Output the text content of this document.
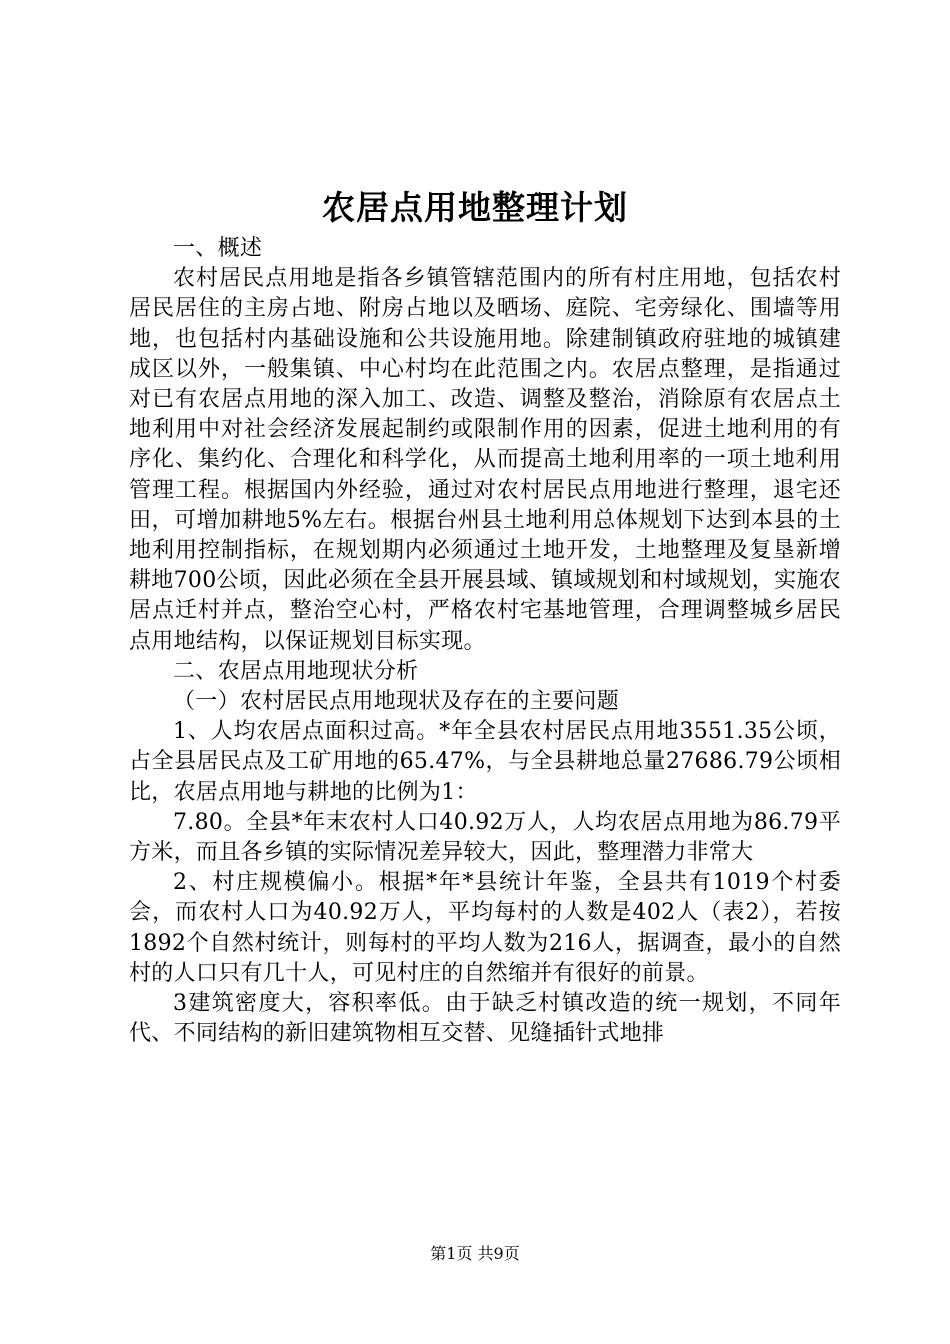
农居点用地整理计划

一、概述

农村居民点用地是指各乡镇管辖范围内的所有村庄用地，包括农村居民居住的主房占地、附房占地以及晒场、庭院、宅旁绿化、围墙等用地，也包括村内基础设施和公共设施用地。除建制镇政府驻地的城镇建成区以外，一般集镇、中心村均在此范围之内。农居点整理，是指通过对已有农居点用地的深入加工、改造、调整及整治，消除原有农居点土地利用中对社会经济发展起制约或限制作用的因素，促进土地利用的有序化、集约化、合理化和科学化，从而提高土地利用率的一项土地利用管理工程。根据国内外经验，通过对农村居民点用地进行整理，退宅还田，可增加耕地5%左右。根据台州县土地利用总体规划下达到本县的土地利用控制指标，在规划期内必须通过土地开发，土地整理及复垦新增耕地700公顷，因此必须在全县开展县域、镇域规划和村域规划，实施农居点迁村并点，整治空心村，严格农村宅基地管理，合理调整城乡居民点用地结构，以保证规划目标实现。

二、农居点用地现状分析

（一）农村居民点用地现状及存在的主要问题

1、人均农居点面积过高。*年全县农村居民点用地3551.35公顷，占全县居民点及工矿用地的65.47%，与全县耕地总量27686.79公顷相比，农居点用地与耕地的比例为1：

7.80。全县*年末农村人口40.92万人，人均农居点用地为86.79平方米，而且各乡镇的实际情况差异较大，因此，整理潜力非常大

2、村庄规模偏小。根据*年*县统计年鉴，全县共有1019个村委会，而农村人口为40.92万人，平均每村的人数是402人（表2），若按1892个自然村统计，则每村的平均人数为216人，据调查，最小的自然村的人口只有几十人，可见村庄的自然缩并有很好的前景。

3建筑密度大，容积率低。由于缺乏村镇改造的统一规划，不同年代、不同结构的新旧建筑物相互交替、见缝插针式地排

第1页 共9页
